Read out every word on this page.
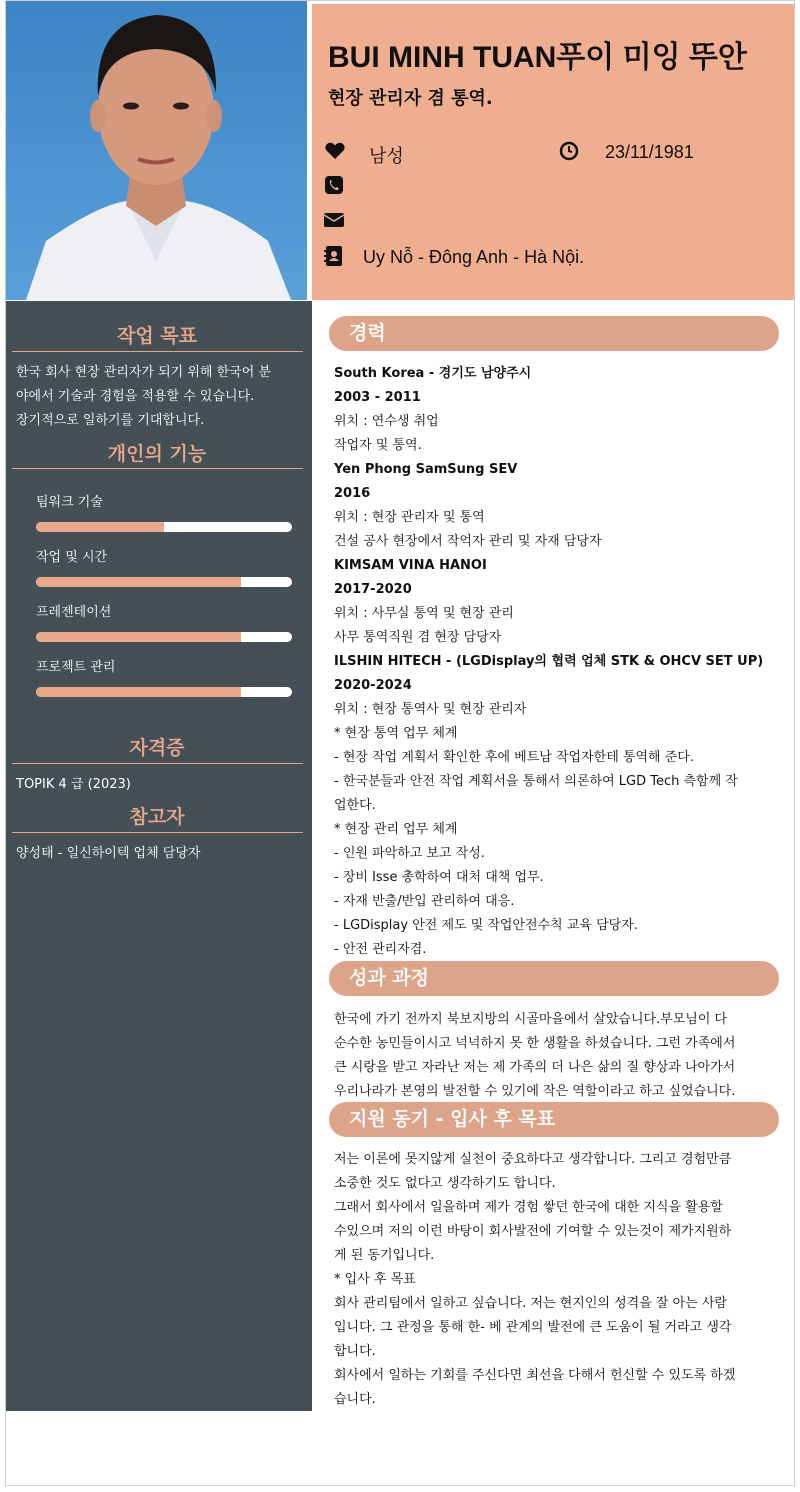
BUI MINH TUAN푸이 미잉 뚜안
현장 관리자 겸 통역.
남성	23/11/1981
Uy Nỗ - Đông Anh - Hà Nội.
작업 목표
한국 회사 현장 관리자가 되기 위해 한국어 분
야에서 기술과 경험을 적용할 수 있습니다.
장기적으로 일하기를 기대합니다.
개인의 기능
팀워크 기술
작업 및 시간
프레젠테이션
프로젝트 관리
자격증
TOPIK 4 급 (2023)
참고자
양성태 - 일신하이텍 업체 담당자
경력
South Korea - 경기도 남양주시
2003 - 2011
위치 : 연수생 취업
작업자 및 통역.
Yen Phong SamSung SEV
2016
위치 : 현장 관리자 및 통역
건설 공사 현장에서 작억자 관리 및 자재 담당자
KIMSAM VINA HANOI
2017-2020
위치 : 사무실 통역 및 현장 관리
사무 통역직원 겸 현장 담당자
ILSHIN HITECH - (LGDisplay의 협력 업체 STK & OHCV SET UP)
2020-2024
위치 : 현장 통역사 및 현장 관리자
* 현장 통역 업무 체계
- 현장 작업 계획서 확인한 후에 베트남 작업자한테 통역해 준다.
- 한국분들과 안전 작업 계획서을 통해서 의론하여 LGD Tech 측함께 작
업한다.
* 현장 관리 업무 체계
- 인원 파악하고 보고 작성.
- 장비 Isse 총학하여 대처 대책 업무.
- 자재 반출/반입 관리하여 대응.
- LGDisplay 안전 제도 및 작업안전수칙 교육 담당자.
- 안전 관리자겸.
성과 과정
한국에 가기 전까지 북보지방의 시골마을에서 살았습니다.부모님이 다
순수한 농민들이시고 넉넉하지 못 한 생활을 하셨습니다. 그런 가족에서
큰 시랑을 받고 자라난 저는 제 가족의 더 나은 삶의 질 향상과 나아가서
우리나라가 본영의 발전할 수 있기에 작은 역할이라고 하고 싶었습니다.
지원 동기 - 입사 후 목표
저는 이론에 못지않게 실천이 중요하다고 생각합니다. 그리고 경험만큼
소중한 것도 없다고 생각하기도 합니다.
그래서 회사에서 일을하며 제가 경험 쌓던 한국에 대한 지식을 활용할
수있으며 저의 이런 바탕이 회사발전에 기여할 수 있는것이 제가지원하
게 된 동기입니다.
* 입사 후 목표
회사 관리팀에서 일하고 싶습니다. 저는 현지인의 성격을 잘 아는 사람
입니다. 그 관정을 통해 한- 베 관계의 발전에 큰 도움이 될 거라고 생각
합니다.
회사에서 일하는 기회를 주신다면 최선을 다해서 헌신할 수 있도록 하겠
습니다.
